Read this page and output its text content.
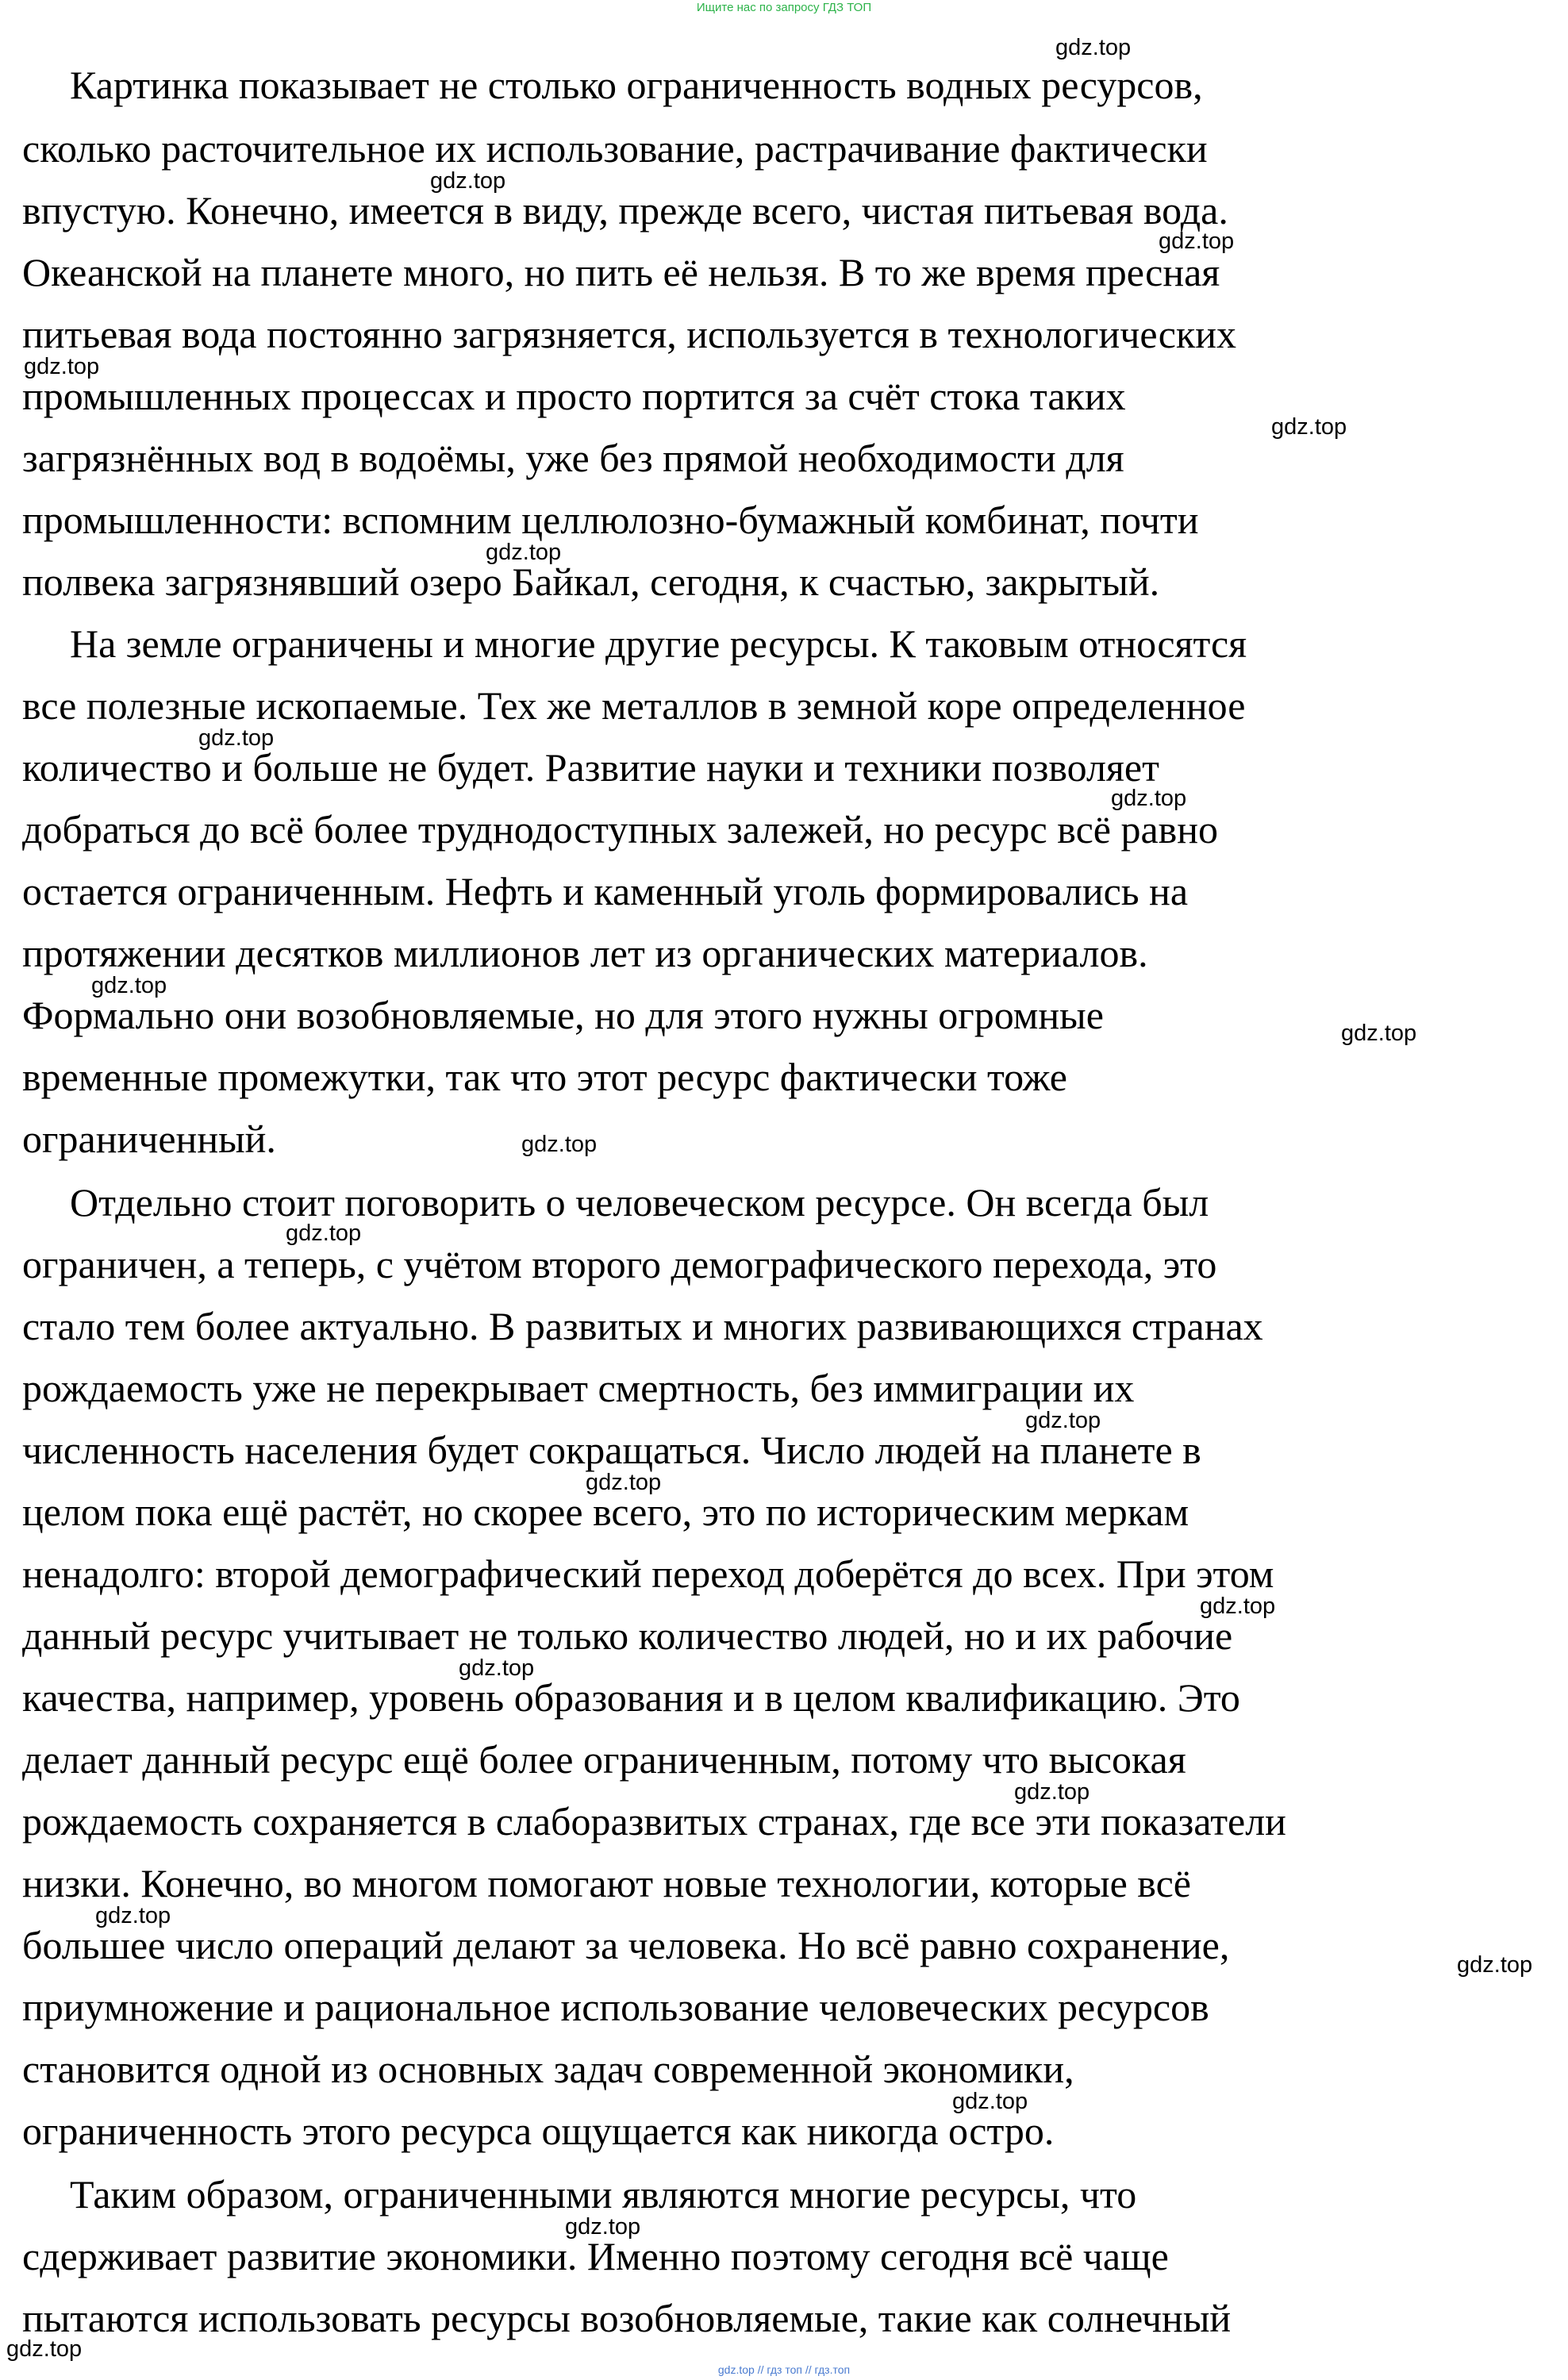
Ищите нас по запросу ГДЗ ТОП
Картинка показывает не столько ограниченность водных ресурсов,
сколько расточительное их использование, растрачивание фактически
впустую. Конечно, имеется в виду, прежде всего, чистая питьевая вода.
Океанской на планете много, но пить её нельзя. В то же время пресная
питьевая вода постоянно загрязняется, используется в технологических
промышленных процессах и просто портится за счёт стока таких
загрязнённых вод в водоёмы, уже без прямой необходимости для
промышленности: вспомним целлюлозно-бумажный комбинат, почти
полвека загрязнявший озеро Байкал, сегодня, к счастью, закрытый.
На земле ограничены и многие другие ресурсы. К таковым относятся
все полезные ископаемые. Тех же металлов в земной коре определенное
количество и больше не будет. Развитие науки и техники позволяет
добраться до всё более труднодоступных залежей, но ресурс всё равно
остается ограниченным. Нефть и каменный уголь формировались на
протяжении десятков миллионов лет из органических материалов.
Формально они возобновляемые, но для этого нужны огромные
временные промежутки, так что этот ресурс фактически тоже
ограниченный.
Отдельно стоит поговорить о человеческом ресурсе. Он всегда был
ограничен, а теперь, с учётом второго демографического перехода, это
стало тем более актуально. В развитых и многих развивающихся странах
рождаемость уже не перекрывает смертность, без иммиграции их
численность населения будет сокращаться. Число людей на планете в
целом пока ещё растёт, но скорее всего, это по историческим меркам
ненадолго: второй демографический переход доберётся до всех. При этом
данный ресурс учитывает не только количество людей, но и их рабочие
качества, например, уровень образования и в целом квалификацию. Это
делает данный ресурс ещё более ограниченным, потому что высокая
рождаемость сохраняется в слаборазвитых странах, где все эти показатели
низки. Конечно, во многом помогают новые технологии, которые всё
большее число операций делают за человека. Но всё равно сохранение,
приумножение и рациональное использование человеческих ресурсов
становится одной из основных задач современной экономики,
ограниченность этого ресурса ощущается как никогда остро.
Таким образом, ограниченными являются многие ресурсы, что
сдерживает развитие экономики. Именно поэтому сегодня всё чаще
пытаются использовать ресурсы возобновляемые, такие как солнечный
gdz.top
gdz.top
gdz.top
gdz.top
gdz.top
gdz.top
gdz.top
gdz.top
gdz.top
gdz.top
gdz.top
gdz.top
gdz.top
gdz.top
gdz.top
gdz.top
gdz.top
gdz.top
gdz.top
gdz.top
gdz.top
gdz.top
gdz.top // гдз топ // гдз.топ
